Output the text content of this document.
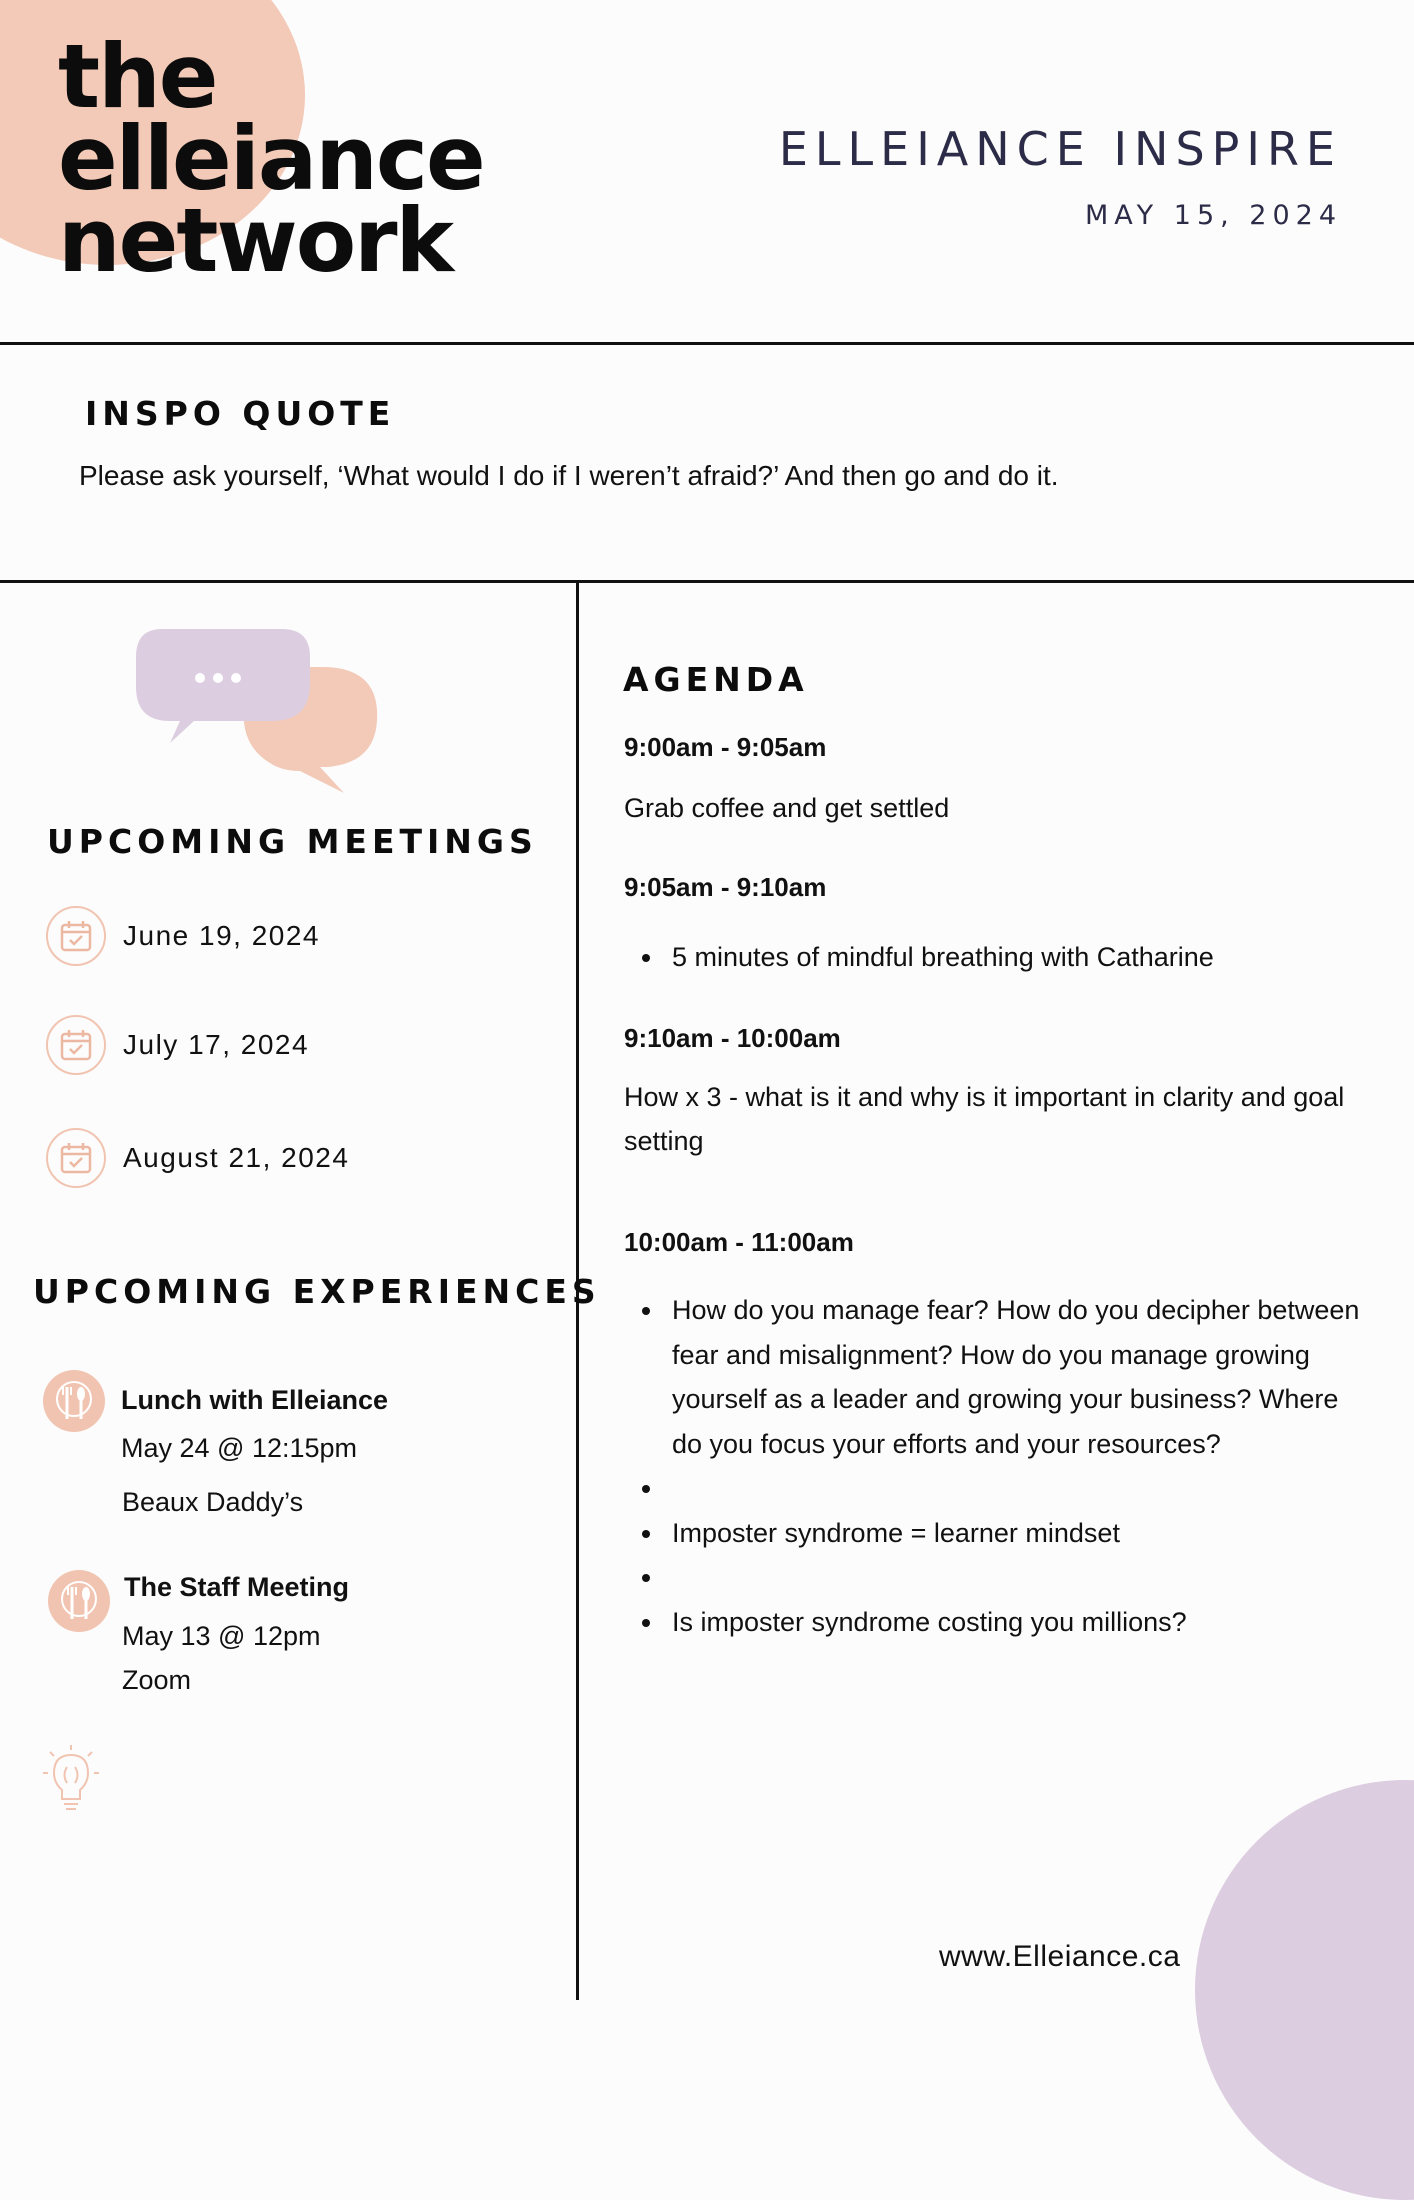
the
elleiance
network
ELLEIANCE INSPIRE
MAY 15, 2024
INSPO QUOTE
Please ask yourself, ‘What would I do if I weren’t afraid?’ And then go and do it.
UPCOMING MEETINGS
June 19, 2024
July 17, 2024
August 21, 2024
UPCOMING EXPERIENCES
Lunch with Elleiance
May 24 @ 12:15pm
Beaux Daddy’s
The Staff Meeting
May 13 @ 12pm
Zoom
AGENDA
9:00am - 9:05am
Grab coffee and get settled
9:05am - 9:10am
5 minutes of mindful breathing with Catharine
9:10am - 10:00am
How x 3 - what is it and why is it important in clarity and goal setting
10:00am - 11:00am
How do you manage fear? How do you decipher between fear and misalignment? How do you manage growing yourself as a leader and growing your business? Where do you focus your efforts and your resources?
Imposter syndrome = learner mindset
Is imposter syndrome costing you millions?
www.Elleiance.ca
